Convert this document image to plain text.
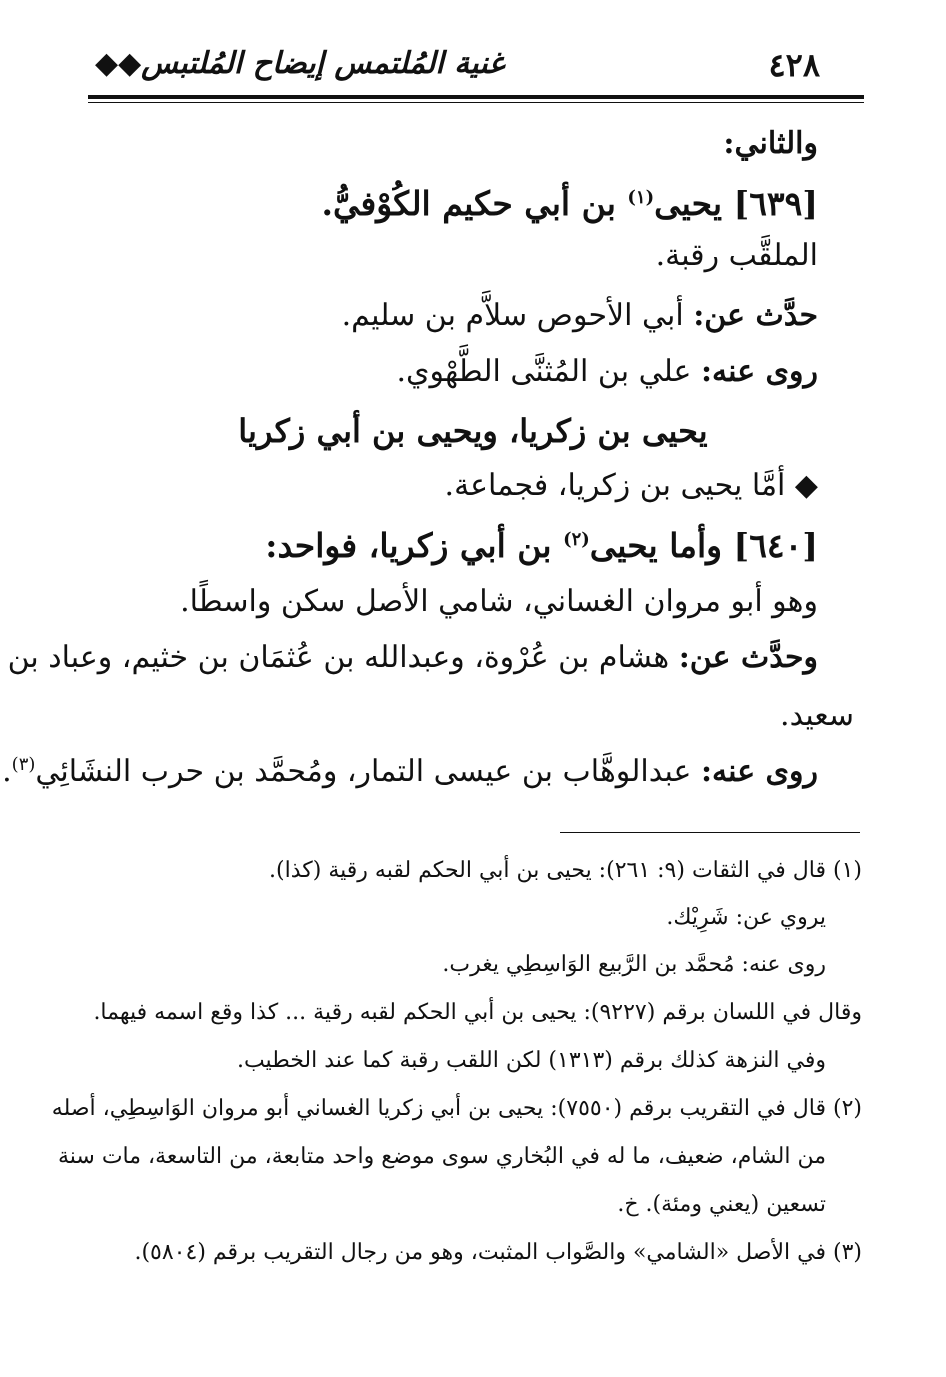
٤٢٨
غنية المُلتمس إيضاح المُلتبس◆◆
والثاني:
[٦٣٩] يحيى$^{(١)}$ بن أبي حكيم الكُوْفيُّ.
الملقَّب رقبة.
حدَّث عن: أبي الأحوص سلاَّم بن سليم.
روى عنه: علي بن المُثنَّى الطَّهْوي.
يحيى بن زكريا، ويحيى بن أبي زكريا
◆ أمَّا يحيى بن زكريا، فجماعة.
[٦٤٠] وأما يحيى$^{(٢)}$ بن أبي زكريا، فواحد:
وهو أبو مروان الغساني، شامي الأصل سكن واسطًا.
وحدَّث عن: هشام بن عُرْوة، وعبدالله بن عُثمَان بن خثيم، وعباد بن
سعيد.
روى عنه: عبدالوهَّاب بن عيسى التمار، ومُحمَّد بن حرب النشَائِي$^{(٣)}$.
(١) قال في الثقات (٩: ٢٦١): يحيى بن أبي الحكم لقبه رقية (كذا).
يروي عن: شَرِيْك.
روى عنه: مُحمَّد بن الرَّبيع الوَاسِطِي يغرب.
وقال في اللسان برقم (٩٢٢٧): يحيى بن أبي الحكم لقبه رقية ... كذا وقع اسمه فيهما.
وفي النزهة كذلك برقم (١٣١٣) لكن اللقب رقبة كما عند الخطيب.
(٢) قال في التقريب برقم (٧٥٥٠): يحيى بن أبي زكريا الغساني أبو مروان الوَاسِطِي، أصله
من الشام، ضعيف، ما له في البُخاري سوى موضع واحد متابعة، من التاسعة، مات سنة
تسعين (يعني ومئة). خ.
(٣) في الأصل «الشامي» والصَّواب المثبت، وهو من رجال التقريب برقم (٥٨٠٤).
